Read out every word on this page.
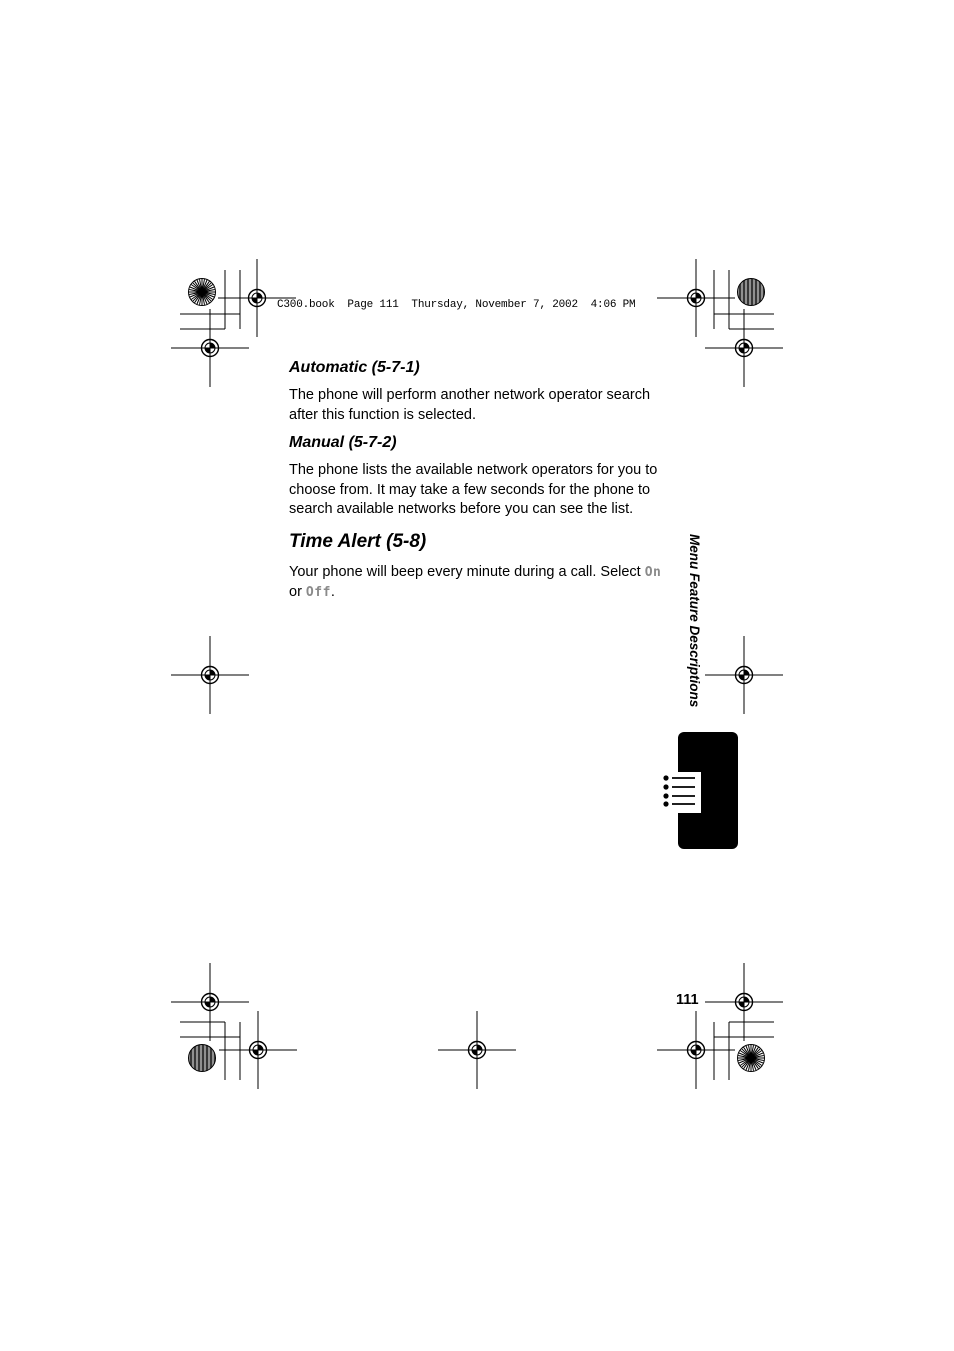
C300.book  Page 111  Thursday, November 7, 2002  4:06 PM
Automatic (5-7-1)
The phone will perform another network operator search after this function is selected.
Manual (5-7-2)
The phone lists the available network operators for you to choose from. It may take a few seconds for the phone to search available networks before you can see the list.
Time Alert (5-8)
Your phone will beep every minute during a call. Select On or Off.	Menu Feature Descriptions
111
